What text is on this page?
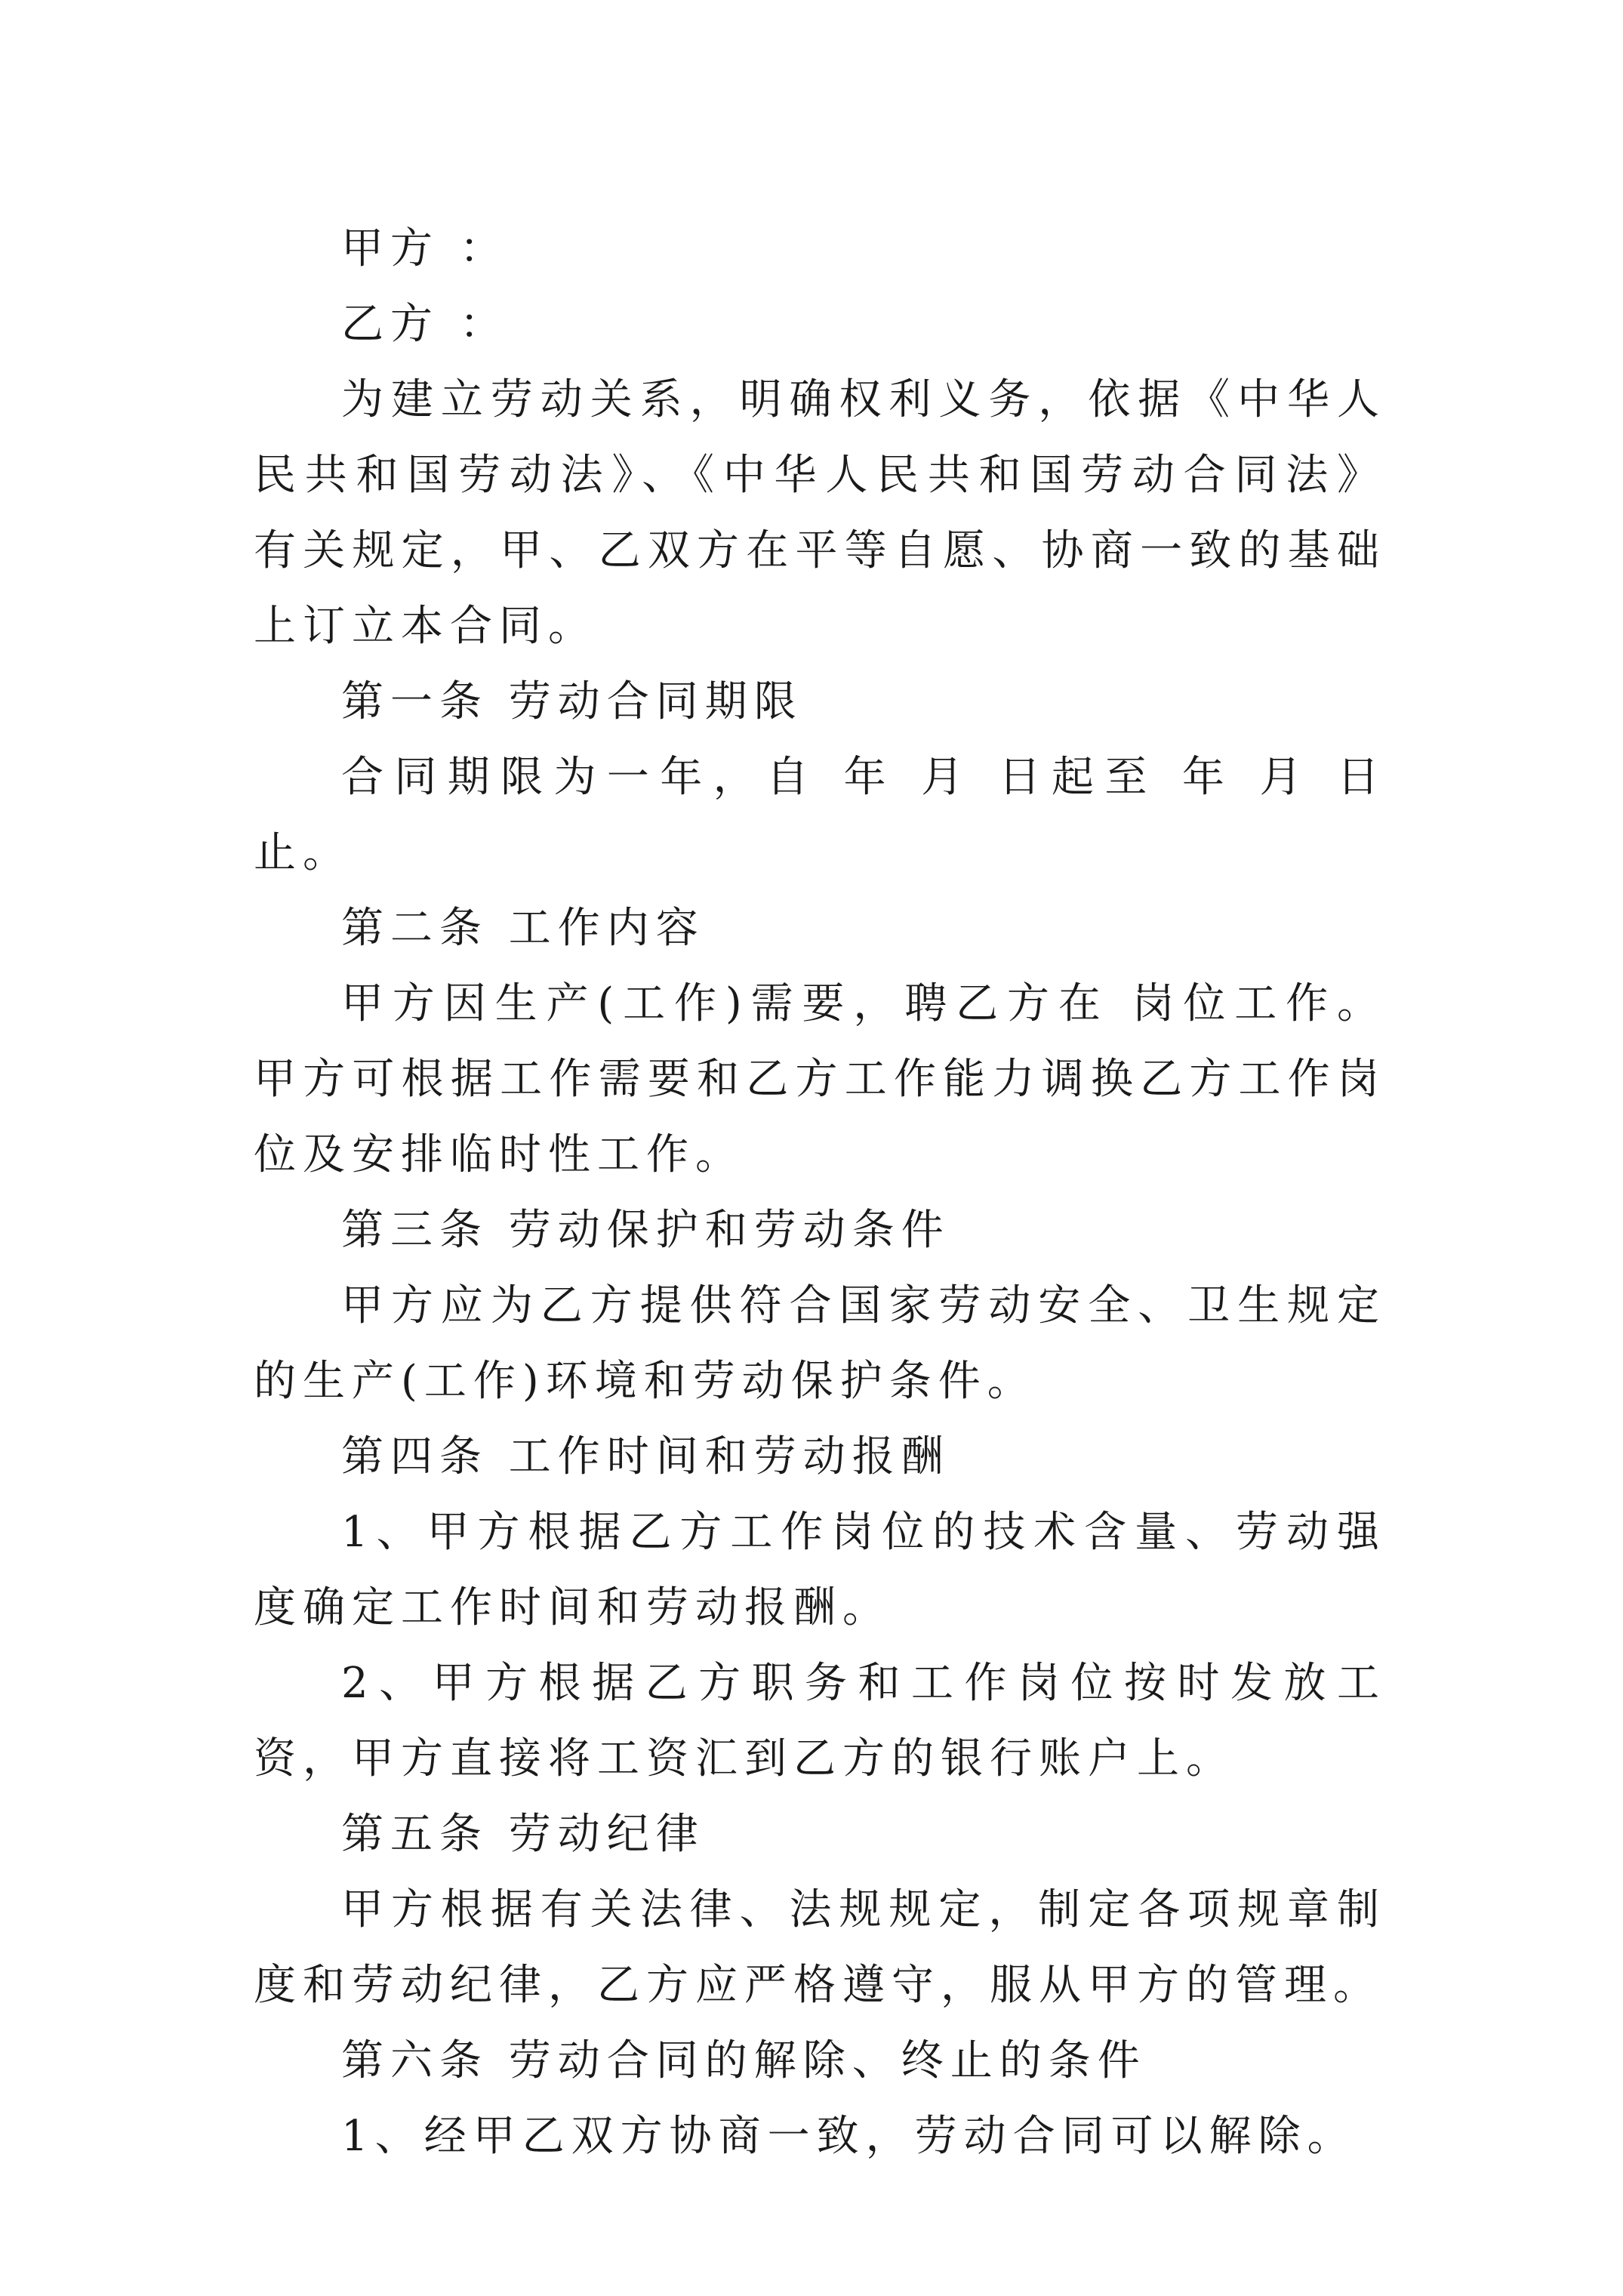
甲方 ：

乙方 ：

为建立劳动关系，明确权利义务，依据《中华人民共和国劳动法》、《中华人民共和国劳动合同法》有关规定，甲、乙双方在平等自愿、协商一致的基础上订立本合同。

第一条 劳动合同期限

合同期限为一年，自 年 月 日起至 年 月 日止。

第二条 工作内容

甲方因生产(工作)需要，聘乙方在 岗位工作。甲方可根据工作需要和乙方工作能力调换乙方工作岗位及安排临时性工作。

第三条 劳动保护和劳动条件

甲方应为乙方提供符合国家劳动安全、卫生规定的生产(工作)环境和劳动保护条件。

第四条 工作时间和劳动报酬

1、甲方根据乙方工作岗位的技术含量、劳动强度确定工作时间和劳动报酬。

2、甲方根据乙方职务和工作岗位按时发放工资，甲方直接将工资汇到乙方的银行账户上。

第五条 劳动纪律

甲方根据有关法律、法规规定，制定各项规章制度和劳动纪律，乙方应严格遵守，服从甲方的管理。

第六条 劳动合同的解除、终止的条件

1、经甲乙双方协商一致，劳动合同可以解除。
